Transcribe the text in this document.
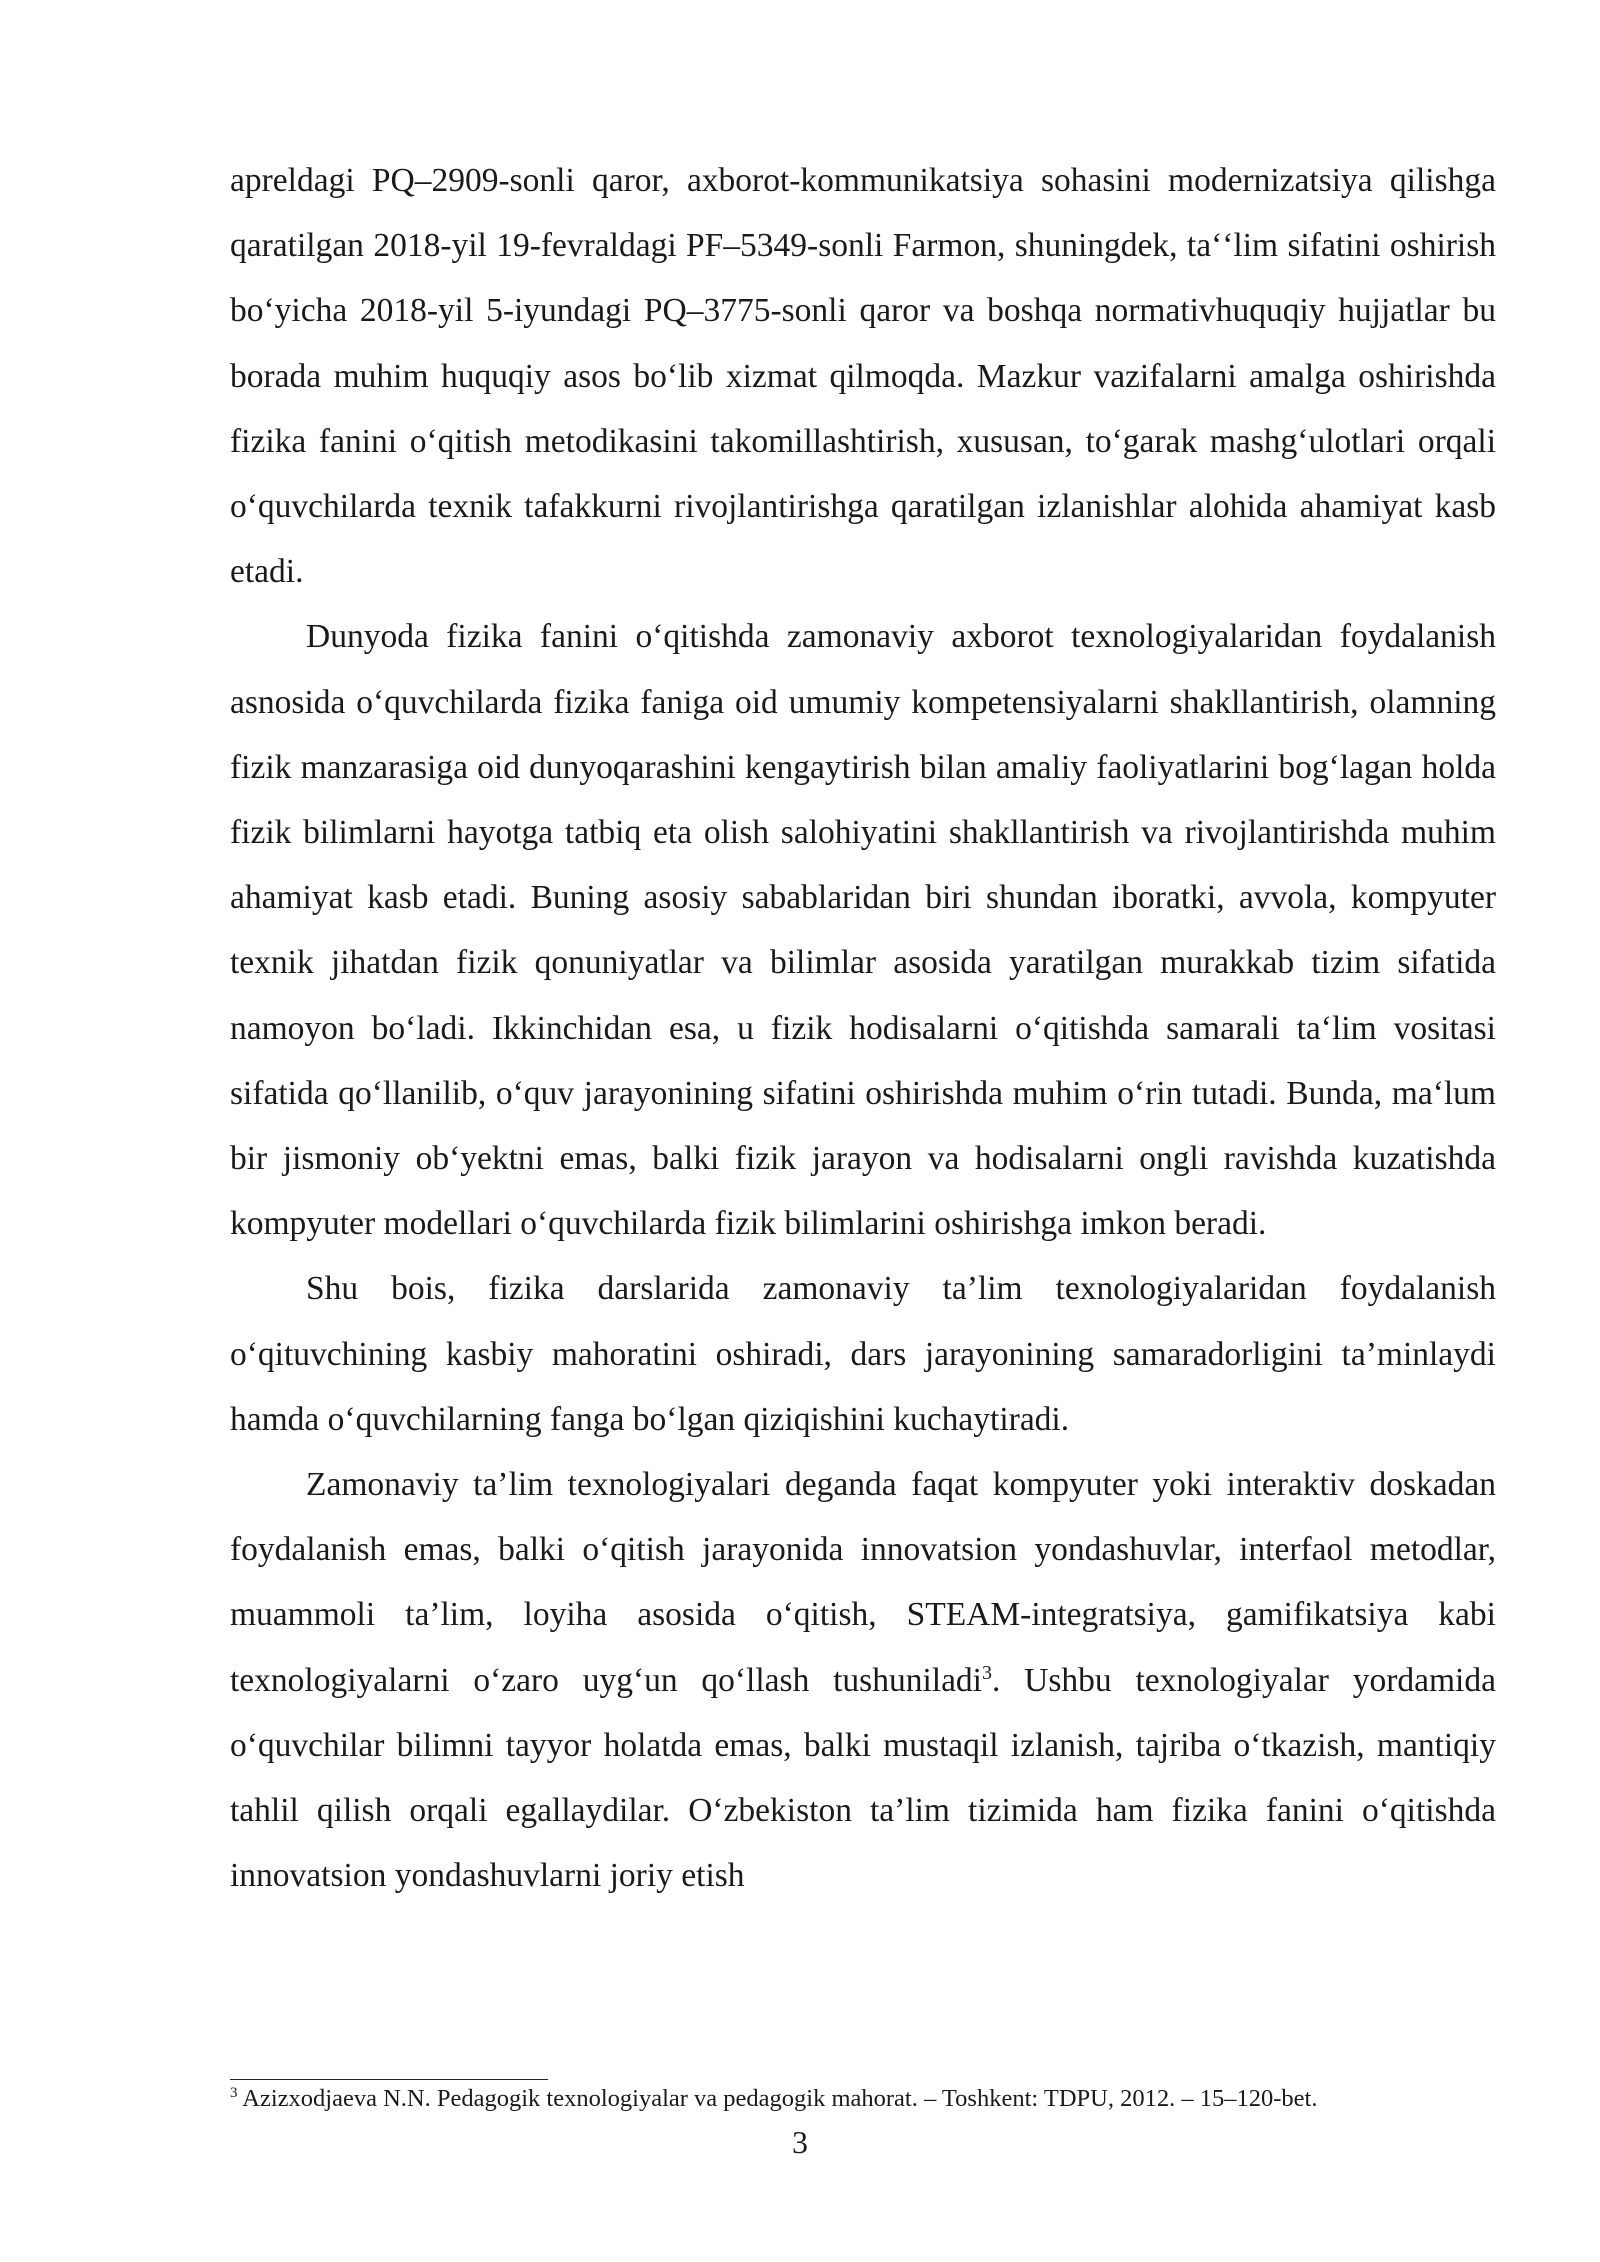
apreldagi PQ–2909-sonli qaror, axborot-kommunikatsiya sohasini modernizatsiya qilishga qaratilgan 2018-yil 19-fevraldagi PF–5349-sonli Farmon, shuningdek, taʻʻlim sifatini oshirish boʻyicha 2018-yil 5-iyundagi PQ–3775-sonli qaror va boshqa normativhuquqiy hujjatlar bu borada muhim huquqiy asos boʻlib xizmat qilmoqda. Mazkur vazifalarni amalga oshirishda fizika fanini oʻqitish metodikasini takomillashtirish, xususan, toʻgarak mashgʻulotlari orqali oʻquvchilarda texnik tafakkurni rivojlantirishga qaratilgan izlanishlar alohida ahamiyat kasb etadi.

Dunyoda fizika fanini oʻqitishda zamonaviy axborot texnologiyalaridan foydalanish asnosida oʻquvchilarda fizika faniga oid umumiy kompetensiyalarni shakllantirish, olamning fizik manzarasiga oid dunyoqarashini kengaytirish bilan amaliy faoliyatlarini bogʻlagan holda fizik bilimlarni hayotga tatbiq eta olish salohiyatini shakllantirish va rivojlantirishda muhim ahamiyat kasb etadi. Buning asosiy sabablaridan biri shundan iboratki, avvola, kompyuter texnik jihatdan fizik qonuniyatlar va bilimlar asosida yaratilgan murakkab tizim sifatida namoyon boʻladi. Ikkinchidan esa, u fizik hodisalarni oʻqitishda samarali taʻlim vositasi sifatida qoʻllanilib, oʻquv jarayonining sifatini oshirishda muhim oʻrin tutadi. Bunda, maʻlum bir jismoniy obʻyektni emas, balki fizik jarayon va hodisalarni ongli ravishda kuzatishda kompyuter modellari oʻquvchilarda fizik bilimlarini oshirishga imkon beradi.

Shu bois, fizika darslarida zamonaviy ta’lim texnologiyalaridan foydalanish oʻqituvchining kasbiy mahoratini oshiradi, dars jarayonining samaradorligini ta’minlaydi hamda oʻquvchilarning fanga boʻlgan qiziqishini kuchaytiradi.

Zamonaviy ta’lim texnologiyalari deganda faqat kompyuter yoki interaktiv doskadan foydalanish emas, balki oʻqitish jarayonida innovatsion yondashuvlar, interfaol metodlar, muammoli ta’lim, loyiha asosida oʻqitish, STEAM-integratsiya, gamifikatsiya kabi texnologiyalarni oʻzaro uygʻun qoʻllash tushuniladi$^3$. Ushbu texnologiyalar yordamida oʻquvchilar bilimni tayyor holatda emas, balki mustaqil izlanish, tajriba oʻtkazish, mantiqiy tahlil qilish orqali egallaydilar. Oʻzbekiston ta’lim tizimida ham fizika fanini oʻqitishda innovatsion yondashuvlarni joriy etish

$^3$ Azizxodjaeva N.N. Pedagogik texnologiyalar va pedagogik mahorat. – Toshkent: TDPU, 2012. – 15–120-bet.
3
